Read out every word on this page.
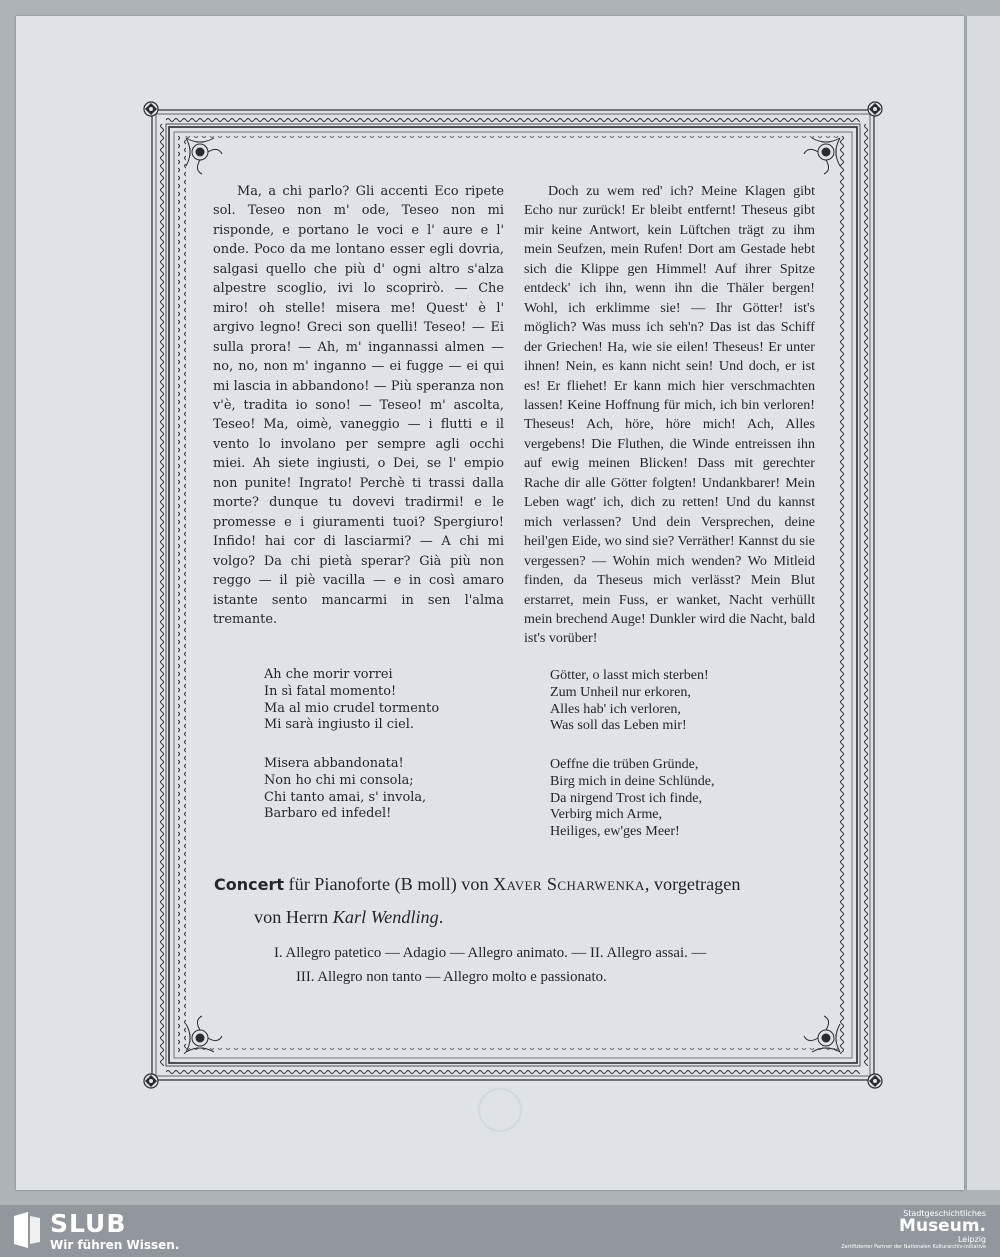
Ma, a chi parlo? Gli accenti Eco ripete sol. Teseo non m' ode, Teseo non mi risponde, e portano le voci e l' aure e l' onde. Poco da me lontano esser egli dovria, salgasi quello che più d' ogni altro s'alza alpestre scoglio, ivi lo scoprirò. — Che miro! oh stelle! misera me! Quest' è l' argivo legno! Greci son quelli! Teseo! — Ei sulla prora! — Ah, m' ingannassi almen — no, no, non m' inganno — ei fugge — ei qui mi lascia in abbandono! — Più speranza non v'è, tradita io sono! — Teseo! m' ascolta, Teseo! Ma, oimè, vaneggio — i flutti e il vento lo involano per sempre agli occhi miei. Ah siete ingiusti, o Dei, se l' empio non punite! Ingrato! Perchè ti trassi dalla morte? dunque tu dovevi tradirmi! e le promesse e i giuramenti tuoi? Spergiuro! Infido! hai cor di lasciarmi? — A chi mi volgo? Da chi pietà sperar? Già più non reggo — il piè vacilla — e in così amaro istante sento mancarmi in sen l'alma tremante.

Doch zu wem red' ich? Meine Klagen gibt Echo nur zurück! Er bleibt entfernt! Theseus gibt mir keine Antwort, kein Lüftchen trägt zu ihm mein Seufzen, mein Rufen! Dort am Gestade hebt sich die Klippe gen Himmel! Auf ihrer Spitze entdeck' ich ihn, wenn ihn die Thäler bergen! Wohl, ich erklimme sie! — Ihr Götter! ist's möglich? Was muss ich seh'n? Das ist das Schiff der Griechen! Ha, wie sie eilen! Theseus! Er unter ihnen! Nein, es kann nicht sein! Und doch, er ist es! Er fliehet! Er kann mich hier verschmachten lassen! Keine Hoffnung für mich, ich bin verloren! Theseus! Ach, höre, höre mich! Ach, Alles vergebens! Die Fluthen, die Winde entreissen ihn auf ewig meinen Blicken! Dass mit gerechter Rache dir alle Götter folgten! Undankbarer! Mein Leben wagt' ich, dich zu retten! Und du kannst mich verlassen? Und dein Versprechen, deine heil'gen Eide, wo sind sie? Verräther! Kannst du sie vergessen? — Wohin mich wenden? Wo Mitleid finden, da Theseus mich verlässt? Mein Blut erstarret, mein Fuss, er wanket, Nacht verhüllt mein brechend Auge! Dunkler wird die Nacht, bald ist's vorüber!

Ah che morir vorrei
In sì fatal momento!
Ma al mio crudel tormento
Mi sarà ingiusto il ciel.
Misera abbandonata!
Non ho chi mi consola;
Chi tanto amai, s' invola,
Barbaro ed infedel!
Götter, o lasst mich sterben!
Zum Unheil nur erkoren,
Alles hab' ich verloren,
Was soll das Leben mir!
Oeffne die trüben Gründe,
Birg mich in deine Schlünde,
Da nirgend Trost ich finde,
Verbirg mich Arme,
Heiliges, ew'ges Meer!
Concert für Pianoforte (B moll) von Xaver Scharwenka, vorgetragen
von Herrn Karl Wendling.
I. Allegro patetico — Adagio — Allegro animato. — II. Allegro assai. —
III. Allegro non tanto — Allegro molto e passionato.
SLUB
Wir führen Wissen.
Stadtgeschichtliches
Museum.
Leipzig
Zertifizierter Partner der Nationalen Kulturarchiv-Initiative
